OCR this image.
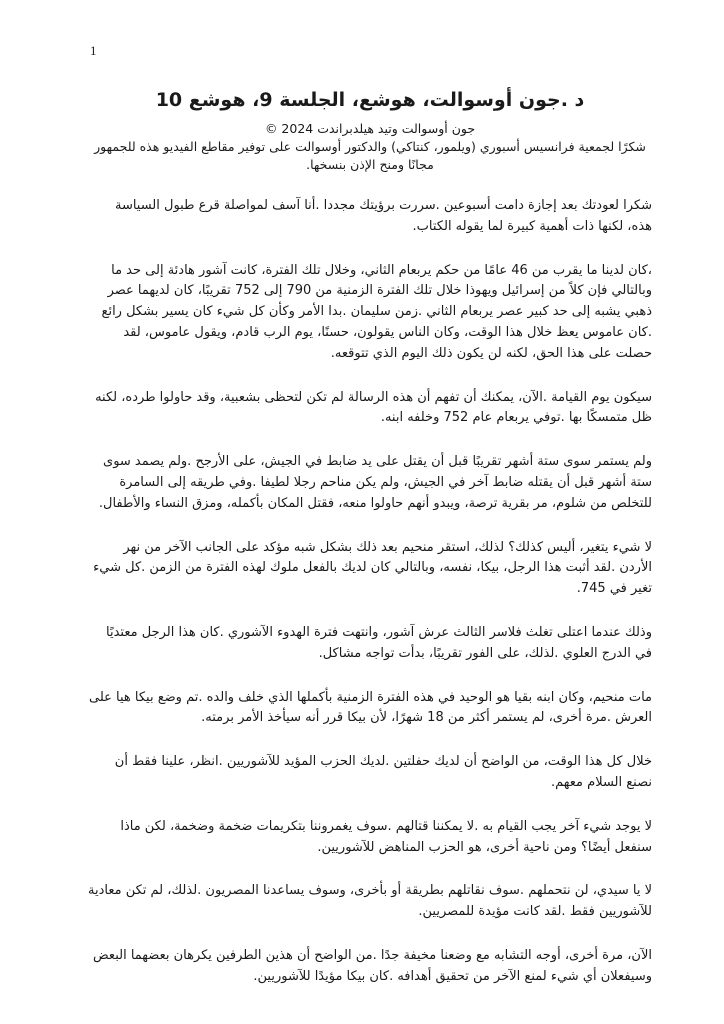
1
د .جون أوسوالت، هوشع، الجلسة 9، هوشع 10

جون أوسوالت وتيد هيلدبراندت 2024 ©

شكرًا لجمعية فرانسيس أسبوري (ويلمور، كنتاكي) والدكتور أوسوالت على توفير مقاطع الفيديو هذه للجمهور مجانًا ومنح الإذن بنسخها.

شكرا لعودتك بعد إجازة دامت أسبوعين .سررت برؤيتك مجددا .أنا آسف لمواصلة قرع طبول السياسة هذه، لكنها ذات أهمية كبيرة لما يقوله الكتاب.

،كان لدينا ما يقرب من 46 عامًا من حكم يربعام الثاني، وخلال تلك الفترة، كانت آشور هادئة إلى حد ما وبالتالي فإن كلاً من إسرائيل ويهوذا خلال تلك الفترة الزمنية من 790 إلى 752 تقريبًا، كان لديهما عصر ذهبي يشبه إلى حد كبير عصر يربعام الثاني .زمن سليمان .بدا الأمر وكأن كل شيء كان يسير بشكل رائع .كان عاموس يعظ خلال هذا الوقت، وكان الناس يقولون، حسنًا، يوم الرب قادم، ويقول عاموس، لقد حصلت على هذا الحق، لكنه لن يكون ذلك اليوم الذي تتوقعه.

سيكون يوم القيامة .الآن، يمكنك أن تفهم أن هذه الرسالة لم تكن لتحظى بشعبية، وقد حاولوا طرده، لكنه ظل متمسكًا بها .توفي يربعام عام 752 وخلفه ابنه.

ولم يستمر سوى ستة أشهر تقريبًا قبل أن يقتل على يد ضابط في الجيش، على الأرجح .ولم يصمد سوى ستة أشهر قبل أن يقتله ضابط آخر في الجيش، ولم يكن مناحم رجلا لطيفا .وفي طريقه إلى السامرة للتخلص من شلوم، مر بقرية ترصة، ويبدو أنهم حاولوا منعه، فقتل المكان بأكمله، ومزق النساء والأطفال.

لا شيء يتغير، أليس كذلك؟ لذلك، استقر منحيم بعد ذلك بشكل شبه مؤكد على الجانب الآخر من نهر الأردن .لقد أثبت هذا الرجل، بيكا، نفسه، وبالتالي كان لديك بالفعل ملوك لهذه الفترة من الزمن .كل شيء تغير في 745.

وذلك عندما اعتلى تغلث فلاسر الثالث عرش آشور، وانتهت فترة الهدوء الآشوري .كان هذا الرجل معتديًا في الدرج العلوي .لذلك، على الفور تقريبًا، بدأت تواجه مشاكل.

مات منحيم، وكان ابنه بقيا هو الوحيد في هذه الفترة الزمنية بأكملها الذي خلف والده .تم وضع بيكا هيا على العرش .مرة أخرى، لم يستمر أكثر من 18 شهرًا، لأن بيكا قرر أنه سيأخذ الأمر برمته.

خلال كل هذا الوقت، من الواضح أن لديك حفلتين .لديك الحزب المؤيد للآشوريين .انظر، علينا فقط أن نصنع السلام معهم.

لا يوجد شيء آخر يجب القيام به .لا يمكننا قتالهم .سوف يغمروننا بتكريمات ضخمة وضخمة، لكن ماذا سنفعل أيضًا؟ ومن ناحية أخرى، هو الحزب المناهض للآشوريين.

لا يا سيدي، لن نتحملهم .سوف نقاتلهم بطريقة أو بأخرى، وسوف يساعدنا المصريون .لذلك، لم تكن معادية للآشوريين فقط .لقد كانت مؤيدة للمصريين.

الآن، مرة أخرى، أوجه التشابه مع وضعنا مخيفة جدًا .من الواضح أن هذين الطرفين يكرهان بعضهما البعض وسيفعلان أي شيء لمنع الآخر من تحقيق أهدافه .كان بيكا مؤيدًا للآشوريين.
